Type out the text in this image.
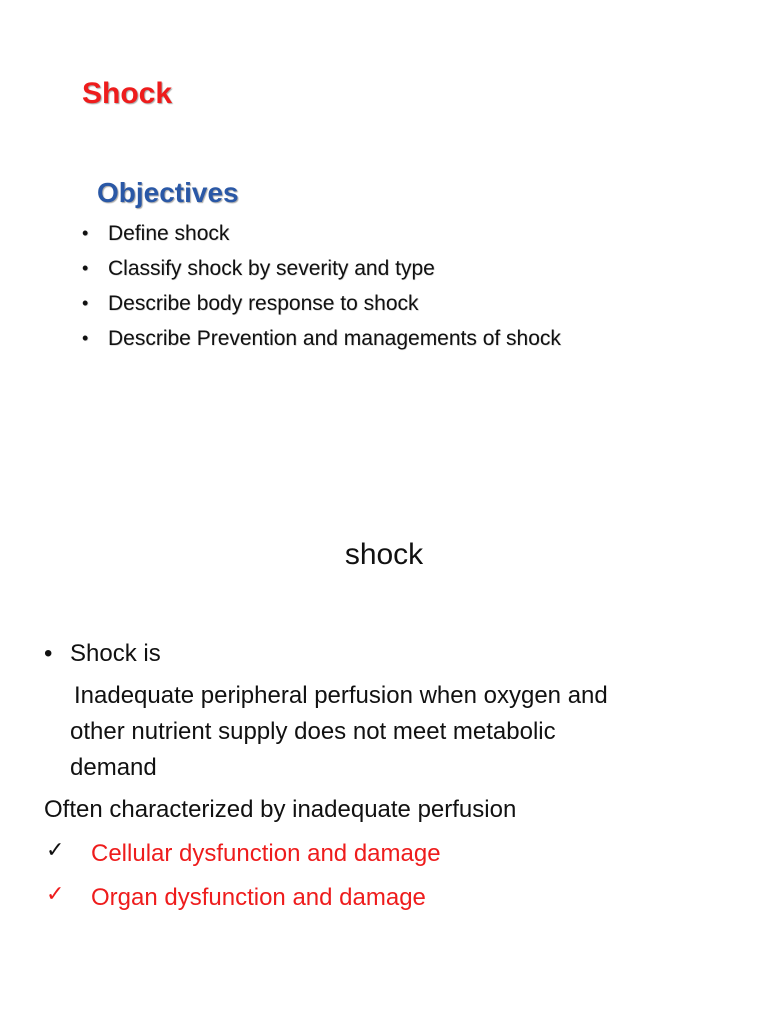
Shock
Objectives
• Define shock
• Classify shock by severity and type
• Describe body response to shock
• Describe Prevention and managements of shock
shock
• Shock is
Inadequate peripheral perfusion when oxygen and
other nutrient supply does not meet metabolic
demand
Often characterized by inadequate perfusion
✓ Cellular dysfunction and damage
✓ Organ dysfunction and damage
